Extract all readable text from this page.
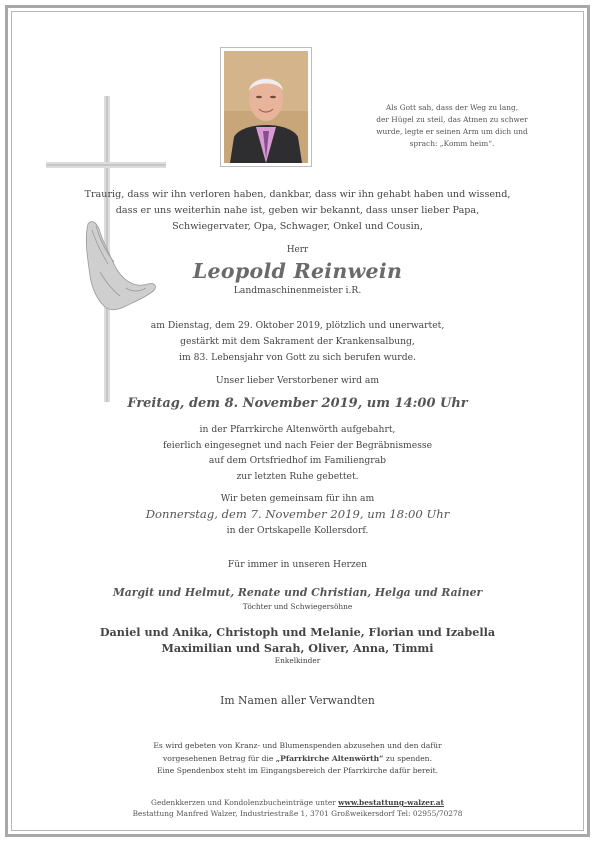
Als Gott sah, dass der Weg zu lang,
der Hügel zu steil, das Atmen zu schwer
wurde, legte er seinen Arm um dich und
sprach: „Komm heim“.
Traurig, dass wir ihn verloren haben, dankbar, dass wir ihn gehabt haben und wissend,
dass er uns weiterhin nahe ist, geben wir bekannt, dass unser lieber Papa,
Schwiegervater, Opa, Schwager, Onkel und Cousin,
Herr
Leopold Reinwein
Landmaschinenmeister i.R.
am Dienstag, dem 29. Oktober 2019, plötzlich und unerwartet,
gestärkt mit dem Sakrament der Krankensalbung,
im 83. Lebensjahr von Gott zu sich berufen wurde.
Unser lieber Verstorbener wird am
Freitag, dem 8. November 2019, um 14:00 Uhr
in der Pfarrkirche Altenwörth aufgebahrt,
feierlich eingesegnet und nach Feier der Begräbnismesse
auf dem Ortsfriedhof im Familiengrab
zur letzten Ruhe gebettet.
Wir beten gemeinsam für ihn am
Donnerstag, dem 7. November 2019, um 18:00 Uhr
in der Ortskapelle Kollersdorf.
Für immer in unseren Herzen
Margit und Helmut, Renate und Christian, Helga und Rainer
Töchter und Schwiegersöhne
Daniel und Anika, Christoph und Melanie, Florian und Izabella
Maximilian und Sarah, Oliver, Anna, Timmi
Enkelkinder
Im Namen aller Verwandten
Es wird gebeten von Kranz- und Blumenspenden abzusehen und den dafür
vorgesehenen Betrag für die „Pfarrkirche Altenwörth“ zu spenden.
Eine Spendenbox steht im Eingangsbereich der Pfarrkirche dafür bereit.
Gedenkkerzen und Kondolenzbucheinträge unter www.bestattung-walzer.at
Bestattung Manfred Walzer, Industriestraße 1, 3701 Großweikersdorf Tel: 02955/70278
